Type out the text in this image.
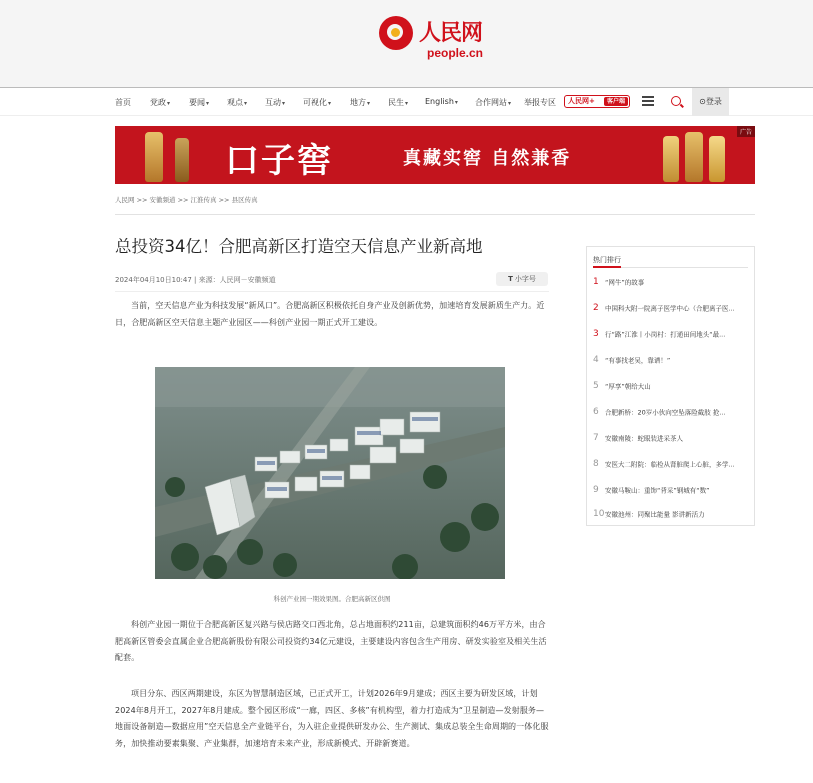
人民网
people.cn
首页 党政▾ 要闻▾ 观点▾ 互动▾ 可视化▾ 地方▾ 民生▾ English▾ 合作网站▾ 举报专区	人民网+	客户端	⊙登录
口子窖	真藏实窖 自然兼香
广告
人民网 >> 安徽频道 >> 江淮传真 >> 县区传真
总投资34亿！合肥高新区打造空天信息产业新高地
2024年04月10日10:47 | 来源：人民网－安徽频道	T 小字号

当前，空天信息产业为科技发展“新风口”。合肥高新区积极依托自身产业及创新优势，加速培育发展新质生产力。近日，合肥高新区空天信息主题产业园区——科创产业园一期正式开工建设。

科创产业园一期效果图。合肥高新区供图

科创产业园一期位于合肥高新区复兴路与侯店路交口西北角，总占地面积约211亩，总建筑面积约46万平方米，由合肥高新区管委会直属企业合肥高新股份有限公司投资约34亿元建设，主要建设内容包含生产用房、研发实验室及相关生活配套。

项目分东、西区两期建设，东区为智慧制造区域，已正式开工，计划2026年9月建成；西区主要为研发区域，计划2024年8月开工，2027年8月建成。整个园区形成“一廊，四区、多核”有机构型，着力打造成为“卫星制造—发射服务—地面设备制造—数据应用”空天信息全产业链平台，为入驻企业提供研发办公、生产测试、集成总装全生命周期的一体化服务，加快推动要素集聚、产业集群，加速培育未来产业，形成新模式、开辟新赛道。

热门排行
1 “网牛”的故事
2 中国科大附一院离子医学中心（合肥离子医...
3 行“路”江淮丨小岗村：打通田间地头“最...
4 “有事找老吴，靠谱！”
5 “厚享”朝给大山
6 合肥新桥：20岁小伙向空坠落险截肢 抢...
7 安徽南陵：蛇眼装进采茶人
8 安医大二附院：临检从肾脏爬上心脏，多学...
9 安徽马鞍山：重饰“背采”钢城有“数”
10安徽池州：同聚比能量 影讲新活力
